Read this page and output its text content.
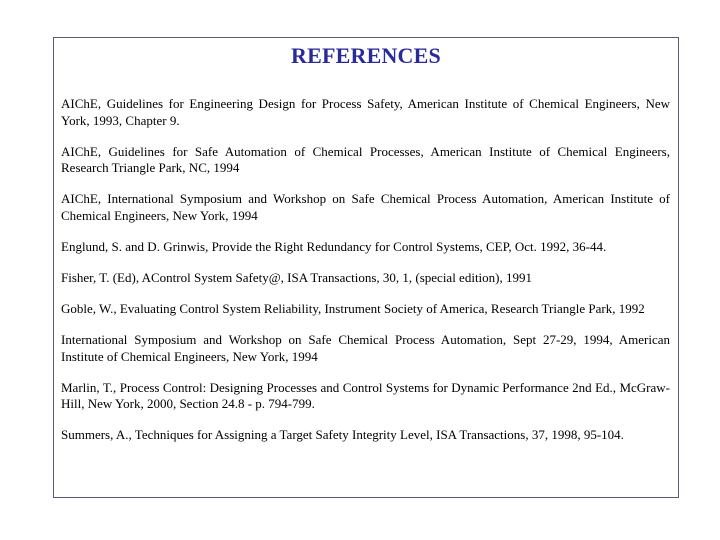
REFERENCES
AIChE, Guidelines for Engineering Design for Process Safety, American Institute of Chemical Engineers, New York, 1993, Chapter 9.
AIChE, Guidelines for Safe Automation of Chemical Processes, American Institute of Chemical Engineers, Research Triangle Park, NC, 1994
AIChE, International Symposium and Workshop on Safe Chemical Process Automation, American Institute of Chemical Engineers, New York, 1994
Englund, S. and D. Grinwis, Provide the Right Redundancy for Control Systems, CEP, Oct. 1992, 36-44.
Fisher, T. (Ed), AControl System Safety@, ISA Transactions, 30, 1, (special edition), 1991
Goble, W., Evaluating Control System Reliability, Instrument Society of America, Research Triangle Park, 1992
International Symposium and Workshop on Safe Chemical Process Automation, Sept 27-29, 1994, American Institute of Chemical Engineers, New York, 1994
Marlin, T., Process Control: Designing Processes and Control Systems for Dynamic Performance 2nd Ed., McGraw-Hill, New York, 2000, Section 24.8 - p. 794-799.
Summers, A., Techniques for Assigning a Target Safety Integrity Level, ISA Transactions, 37, 1998, 95-104.
